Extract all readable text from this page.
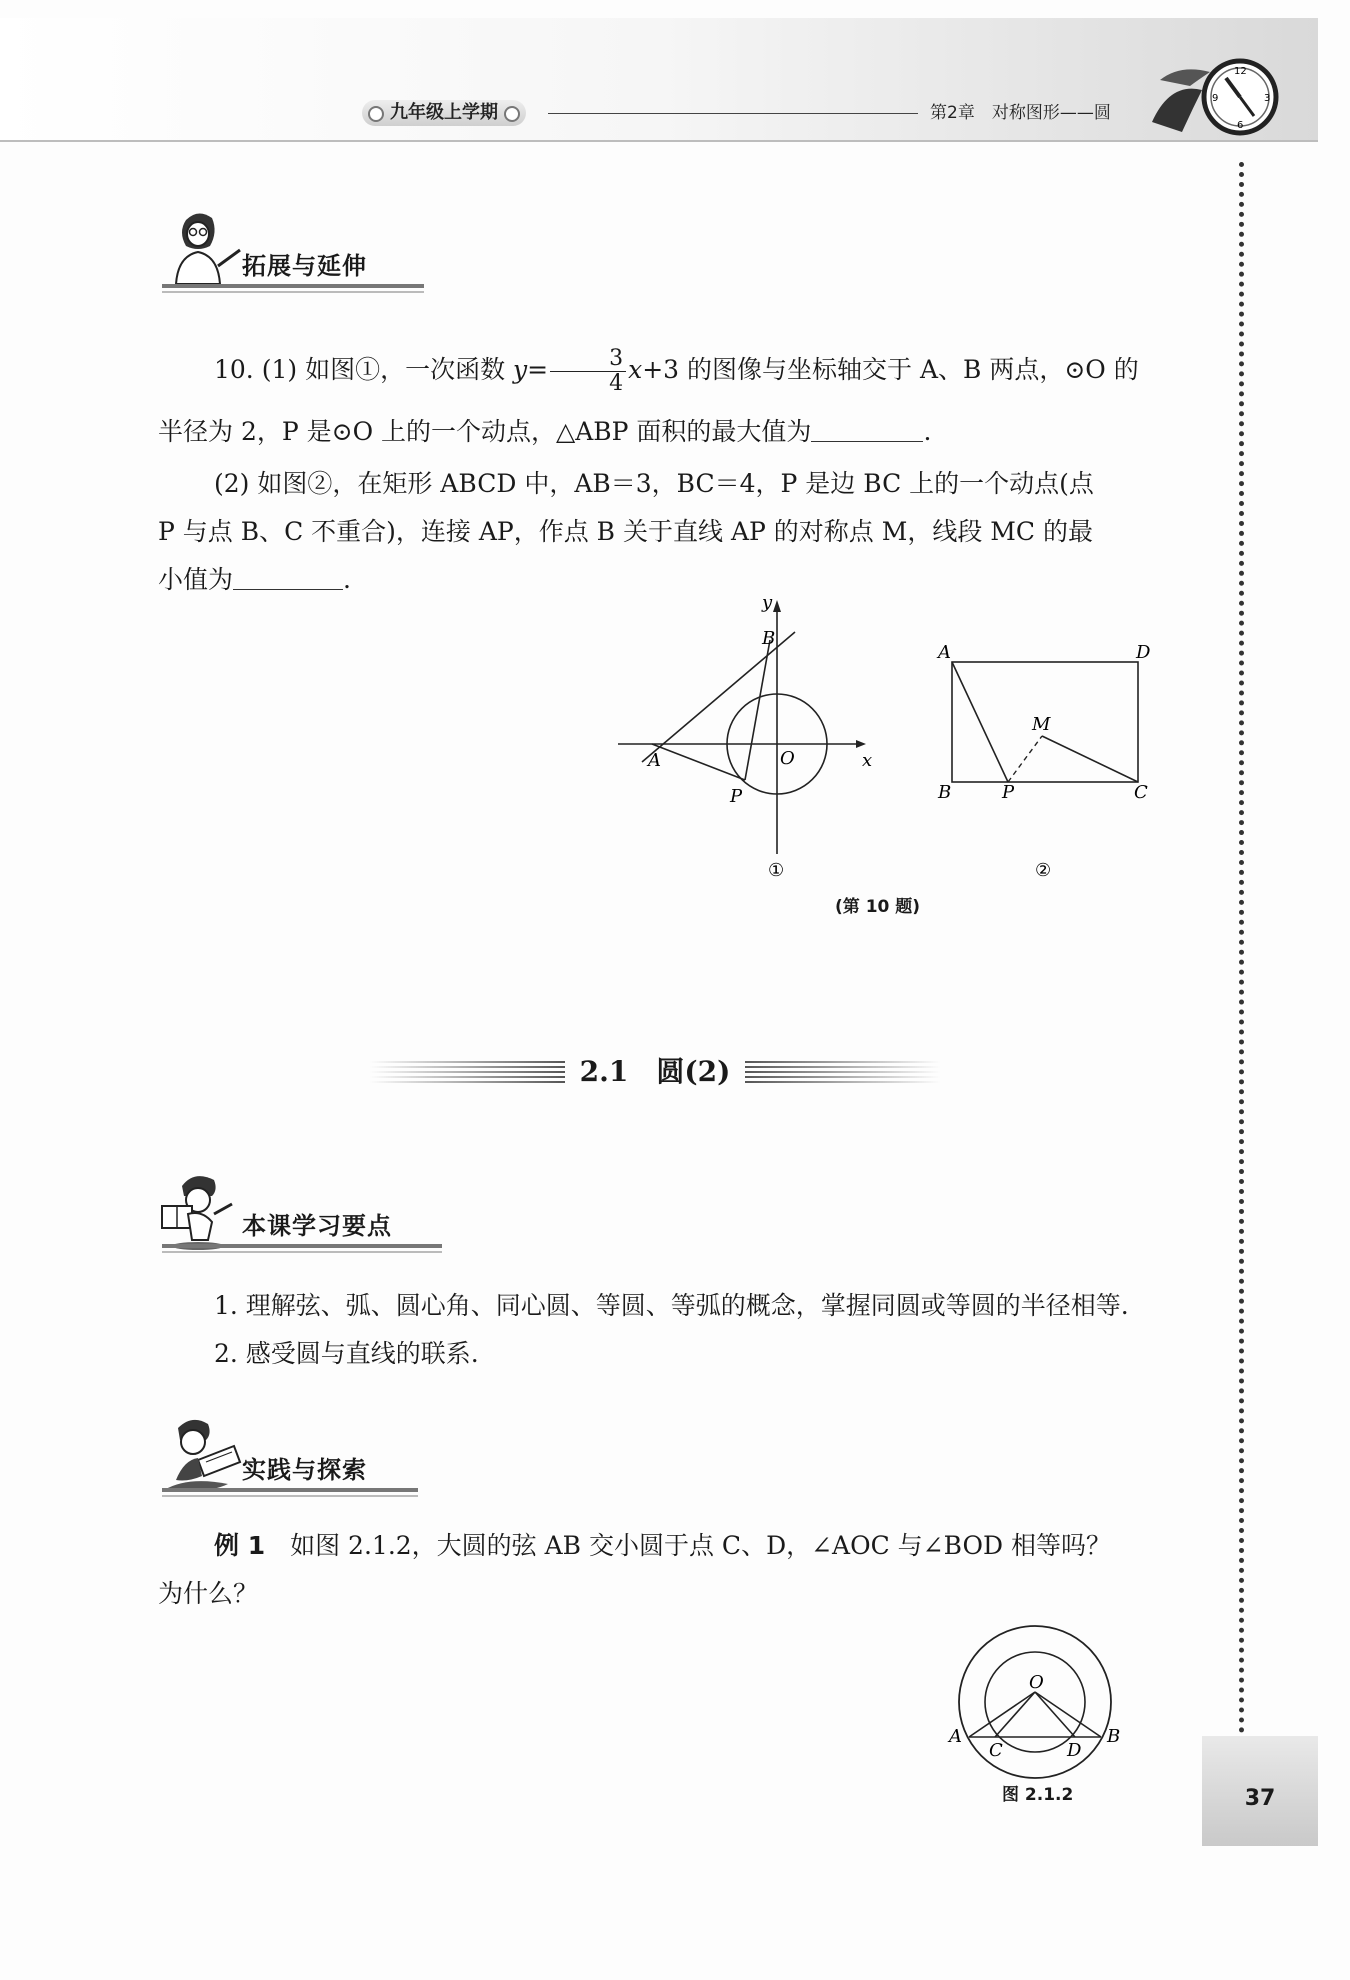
九年级上学期	第2章　对称图形——圆
12
3
6
9
37
拓展与延伸
10. (1) 如图①，一次函数 $y= \frac{3}{4} x+3$ 的图像与坐标轴交于 A、B 两点，⊙O 的
半径为 2，P 是⊙O 上的一个动点，△ABP 面积的最大值为	.
(2) 如图②，在矩形 ABCD 中，AB＝3，BC＝4，P 是边 BC 上的一个动点(点
P 与点 B、C 不重合)，连接 AP，作点 B 关于直线 AP 的对称点 M，线段 MC 的最
小值为	.
y
x
B
A	O
P
①
A	D
M
B	P	C
②
(第 10 题)
2.1　 圆(2)
本课学习要点
1. 理解弦、弧、圆心角、同心圆、等圆、等弧的概念，掌握同圆或等圆的半径相等.
2. 感受圆与直线的联系.
实践与探索
例 1　如图 2.1.2，大圆的弦 AB 交小圆于点 C、D，∠AOC 与∠BOD 相等吗？
为什么？
O
A
C	D
B
图 2.1.2
